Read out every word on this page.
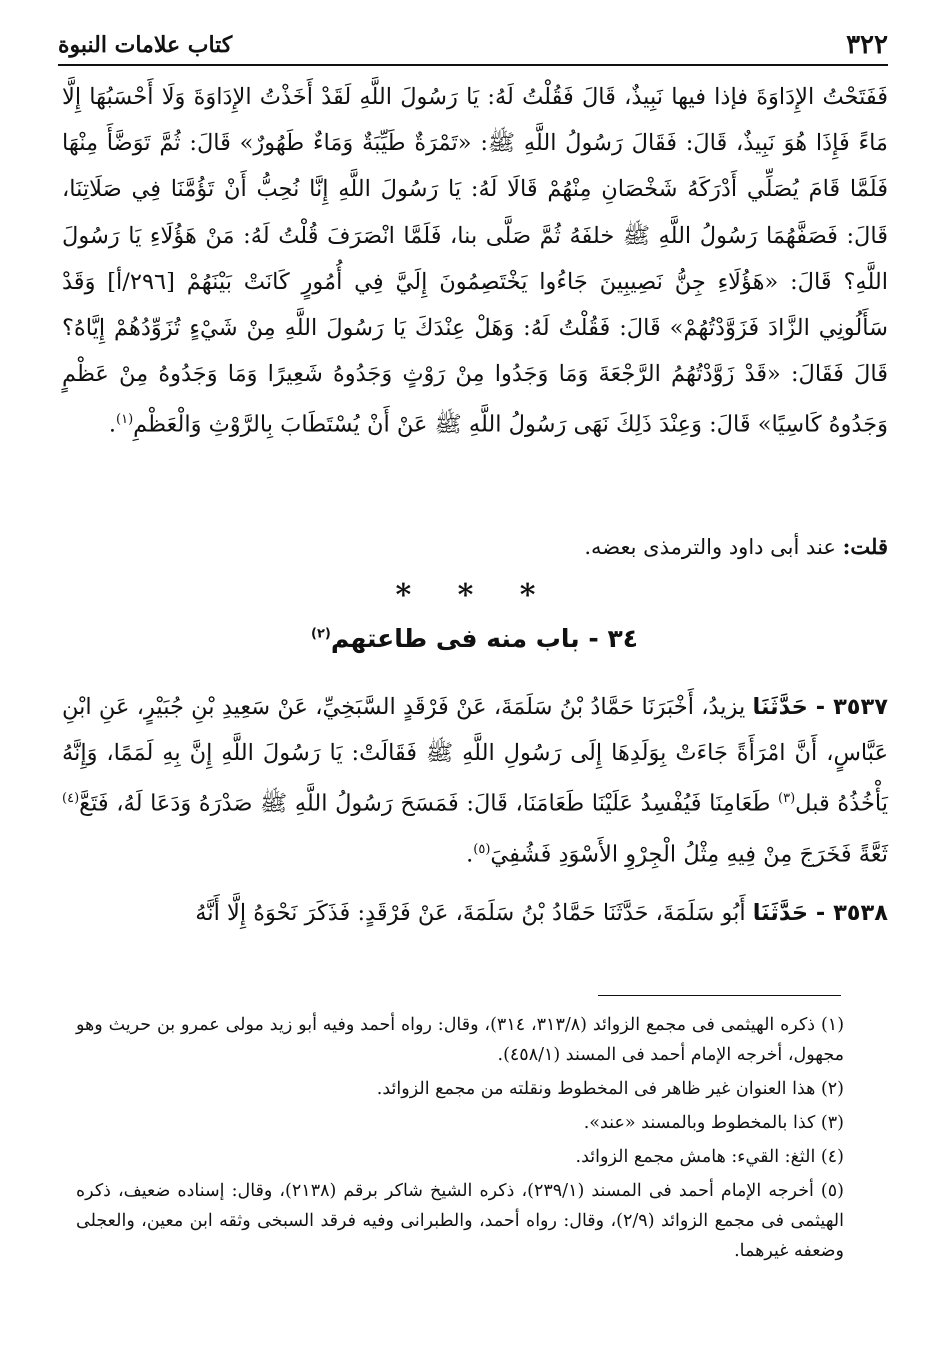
٣٢٢
كتاب علامات النبوة
فَفَتَحْتُ الإِدَاوَةَ فإذا فيها نَبِيذٌ، قَالَ فَقُلْتُ لَهُ: يَا رَسُولَ اللَّهِ لَقَدْ أَخَذْتُ الإِدَاوَةَ وَلَا أَحْسَبُهَا إِلَّا مَاءً فَإِذَا هُوَ نَبِيذٌ، قَالَ: فَقَالَ رَسُولُ اللَّهِ ﷺ: «تَمْرَةٌ طَيِّبَةٌ وَمَاءٌ طَهُورٌ» قَالَ: ثُمَّ تَوَضَّأَ مِنْهَا فَلَمَّا قَامَ يُصَلِّي أَدْرَكَهُ شَخْصَانِ مِنْهُمْ قَالَا لَهُ: يَا رَسُولَ اللَّهِ إِنَّا نُحِبُّ أَنْ تَؤُمَّنَا فِي صَلَاتِنَا، قَالَ: فَصَفَّهُمَا رَسُولُ اللَّهِ ﷺ خلفَهُ ثُمَّ صَلَّى بنا، فَلَمَّا انْصَرَفَ قُلْتُ لَهُ: مَنْ هَؤُلَاءِ يَا رَسُولَ اللَّهِ؟ قَالَ: «هَؤُلَاءِ جِنُّ نَصِيبِينَ جَاءُوا يَخْتَصِمُونَ إِلَيَّ فِي أُمُورٍ كَانَتْ بَيْنَهُمْ [٢٩٦/أ] وَقَدْ سَأَلُونِي الزَّادَ فَزَوَّدْتُهُمْ» قَالَ: فَقُلْتُ لَهُ: وَهَلْ عِنْدَكَ يَا رَسُولَ اللَّهِ مِنْ شَيْءٍ تُزَوِّدُهُمْ إِيَّاهُ؟ قَالَ فَقَالَ: «قَدْ زَوَّدْتُهُمُ الرَّجْعَةَ وَمَا وَجَدُوا مِنْ رَوْثٍ وَجَدُوهُ شَعِيرًا وَمَا وَجَدُوهُ مِنْ عَظْمٍ وَجَدُوهُ كَاسِيًا» قَالَ: وَعِنْدَ ذَلِكَ نَهَى رَسُولُ اللَّهِ ﷺ عَنْ أَنْ يُسْتَطَابَ بِالرَّوْثِ وَالْعَظْمِ$^{(١)}$.
قلت: عند أبى داود والترمذى بعضه.
* * *
٣٤ - باب منه فى طاعتهم$^{(٢)}$
٣٥٣٧ - حَدَّثَنَا يزيدُ، أَخْبَرَنَا حَمَّادُ بْنُ سَلَمَةَ، عَنْ فَرْقَدٍ السَّبَخِيِّ، عَنْ سَعِيدِ بْنِ جُبَيْرٍ، عَنِ ابْنِ عَبَّاسٍ، أَنَّ امْرَأَةً جَاءَتْ بِوَلَدِهَا إِلَى رَسُولِ اللَّهِ ﷺ فَقَالَتْ: يَا رَسُولَ اللَّهِ إِنَّ بِهِ لَمَمًا، وَإِنَّهُ يَأْخُذُهُ قبل$^{(٣)}$ طَعَامِنَا فَيُفْسِدُ عَلَيْنَا طَعَامَنَا، قَالَ: فَمَسَحَ رَسُولُ اللَّهِ ﷺ صَدْرَهُ وَدَعَا لَهُ، فَتَعَّ$^{(٤)}$ ثَعَّةً فَخَرَجَ مِنْ فِيهِ مِثْلُ الْجِرْوِ الأَسْوَدِ فَشُفِيَ$^{(٥)}$.
٣٥٣٨ - حَدَّثَنَا أَبُو سَلَمَةَ، حَدَّثَنَا حَمَّادُ بْنُ سَلَمَةَ، عَنْ فَرْقَدٍ: فَذَكَرَ نَحْوَهُ إِلَّا أَنَّهُ

(١) ذكره الهيثمى فى مجمع الزوائد (٣١٣/٨، ٣١٤)، وقال: رواه أحمد وفيه أبو زيد مولى عمرو بن حريث وهو مجهول، أخرجه الإمام أحمد فى المسند (٤٥٨/١).

(٢) هذا العنوان غير ظاهر فى المخطوط ونقلته من مجمع الزوائد.

(٣) كذا بالمخطوط وبالمسند «عند».

(٤) الثغ: القيء: هامش مجمع الزوائد.

(٥) أخرجه الإمام أحمد فى المسند (٢٣٩/١)، ذكره الشيخ شاكر برقم (٢١٣٨)، وقال: إسناده ضعيف، ذكره الهيثمى فى مجمع الزوائد (٢/٩)، وقال: رواه أحمد، والطبرانى وفيه فرقد السبخى وثقه ابن معين، والعجلى وضعفه غيرهما.
